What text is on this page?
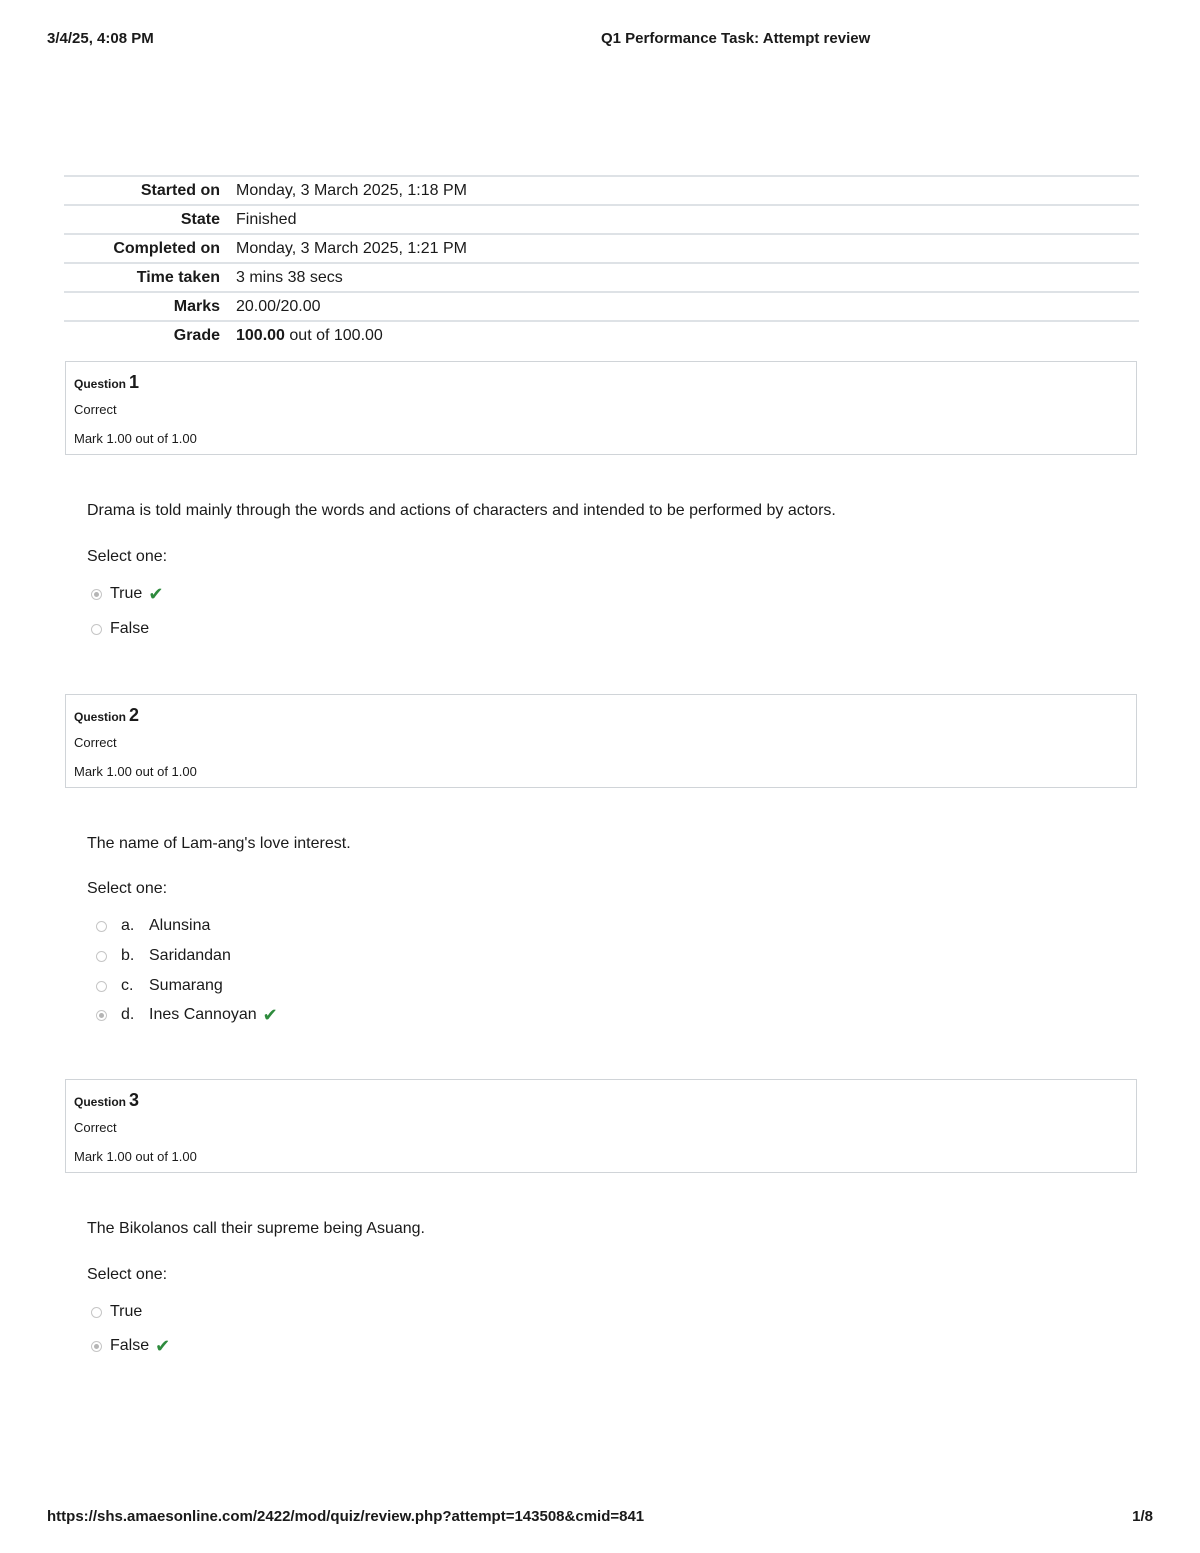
3/4/25, 4:08 PM	Q1 Performance Task: Attempt review
Started on	Monday, 3 March 2025, 1:18 PM
State	Finished
Completed on	Monday, 3 March 2025, 1:21 PM
Time taken	3 mins 38 secs
Marks	20.00/20.00
Grade	100.00 out of 100.00
Question 1
Correct
Mark 1.00 out of 1.00
Drama is told mainly through the words and actions of characters and intended to be performed by actors.
Select one:
True ✔
False
Question 2
Correct
Mark 1.00 out of 1.00
The name of Lam-ang's love interest.
Select one:
a. Alunsina
b. Saridandan
c. Sumarang
d. Ines Cannoyan ✔
Question 3
Correct
Mark 1.00 out of 1.00
The Bikolanos call their supreme being Asuang.
Select one:
True
False ✔
https://shs.amaesonline.com/2422/mod/quiz/review.php?attempt=143508&cmid=841	1/8
